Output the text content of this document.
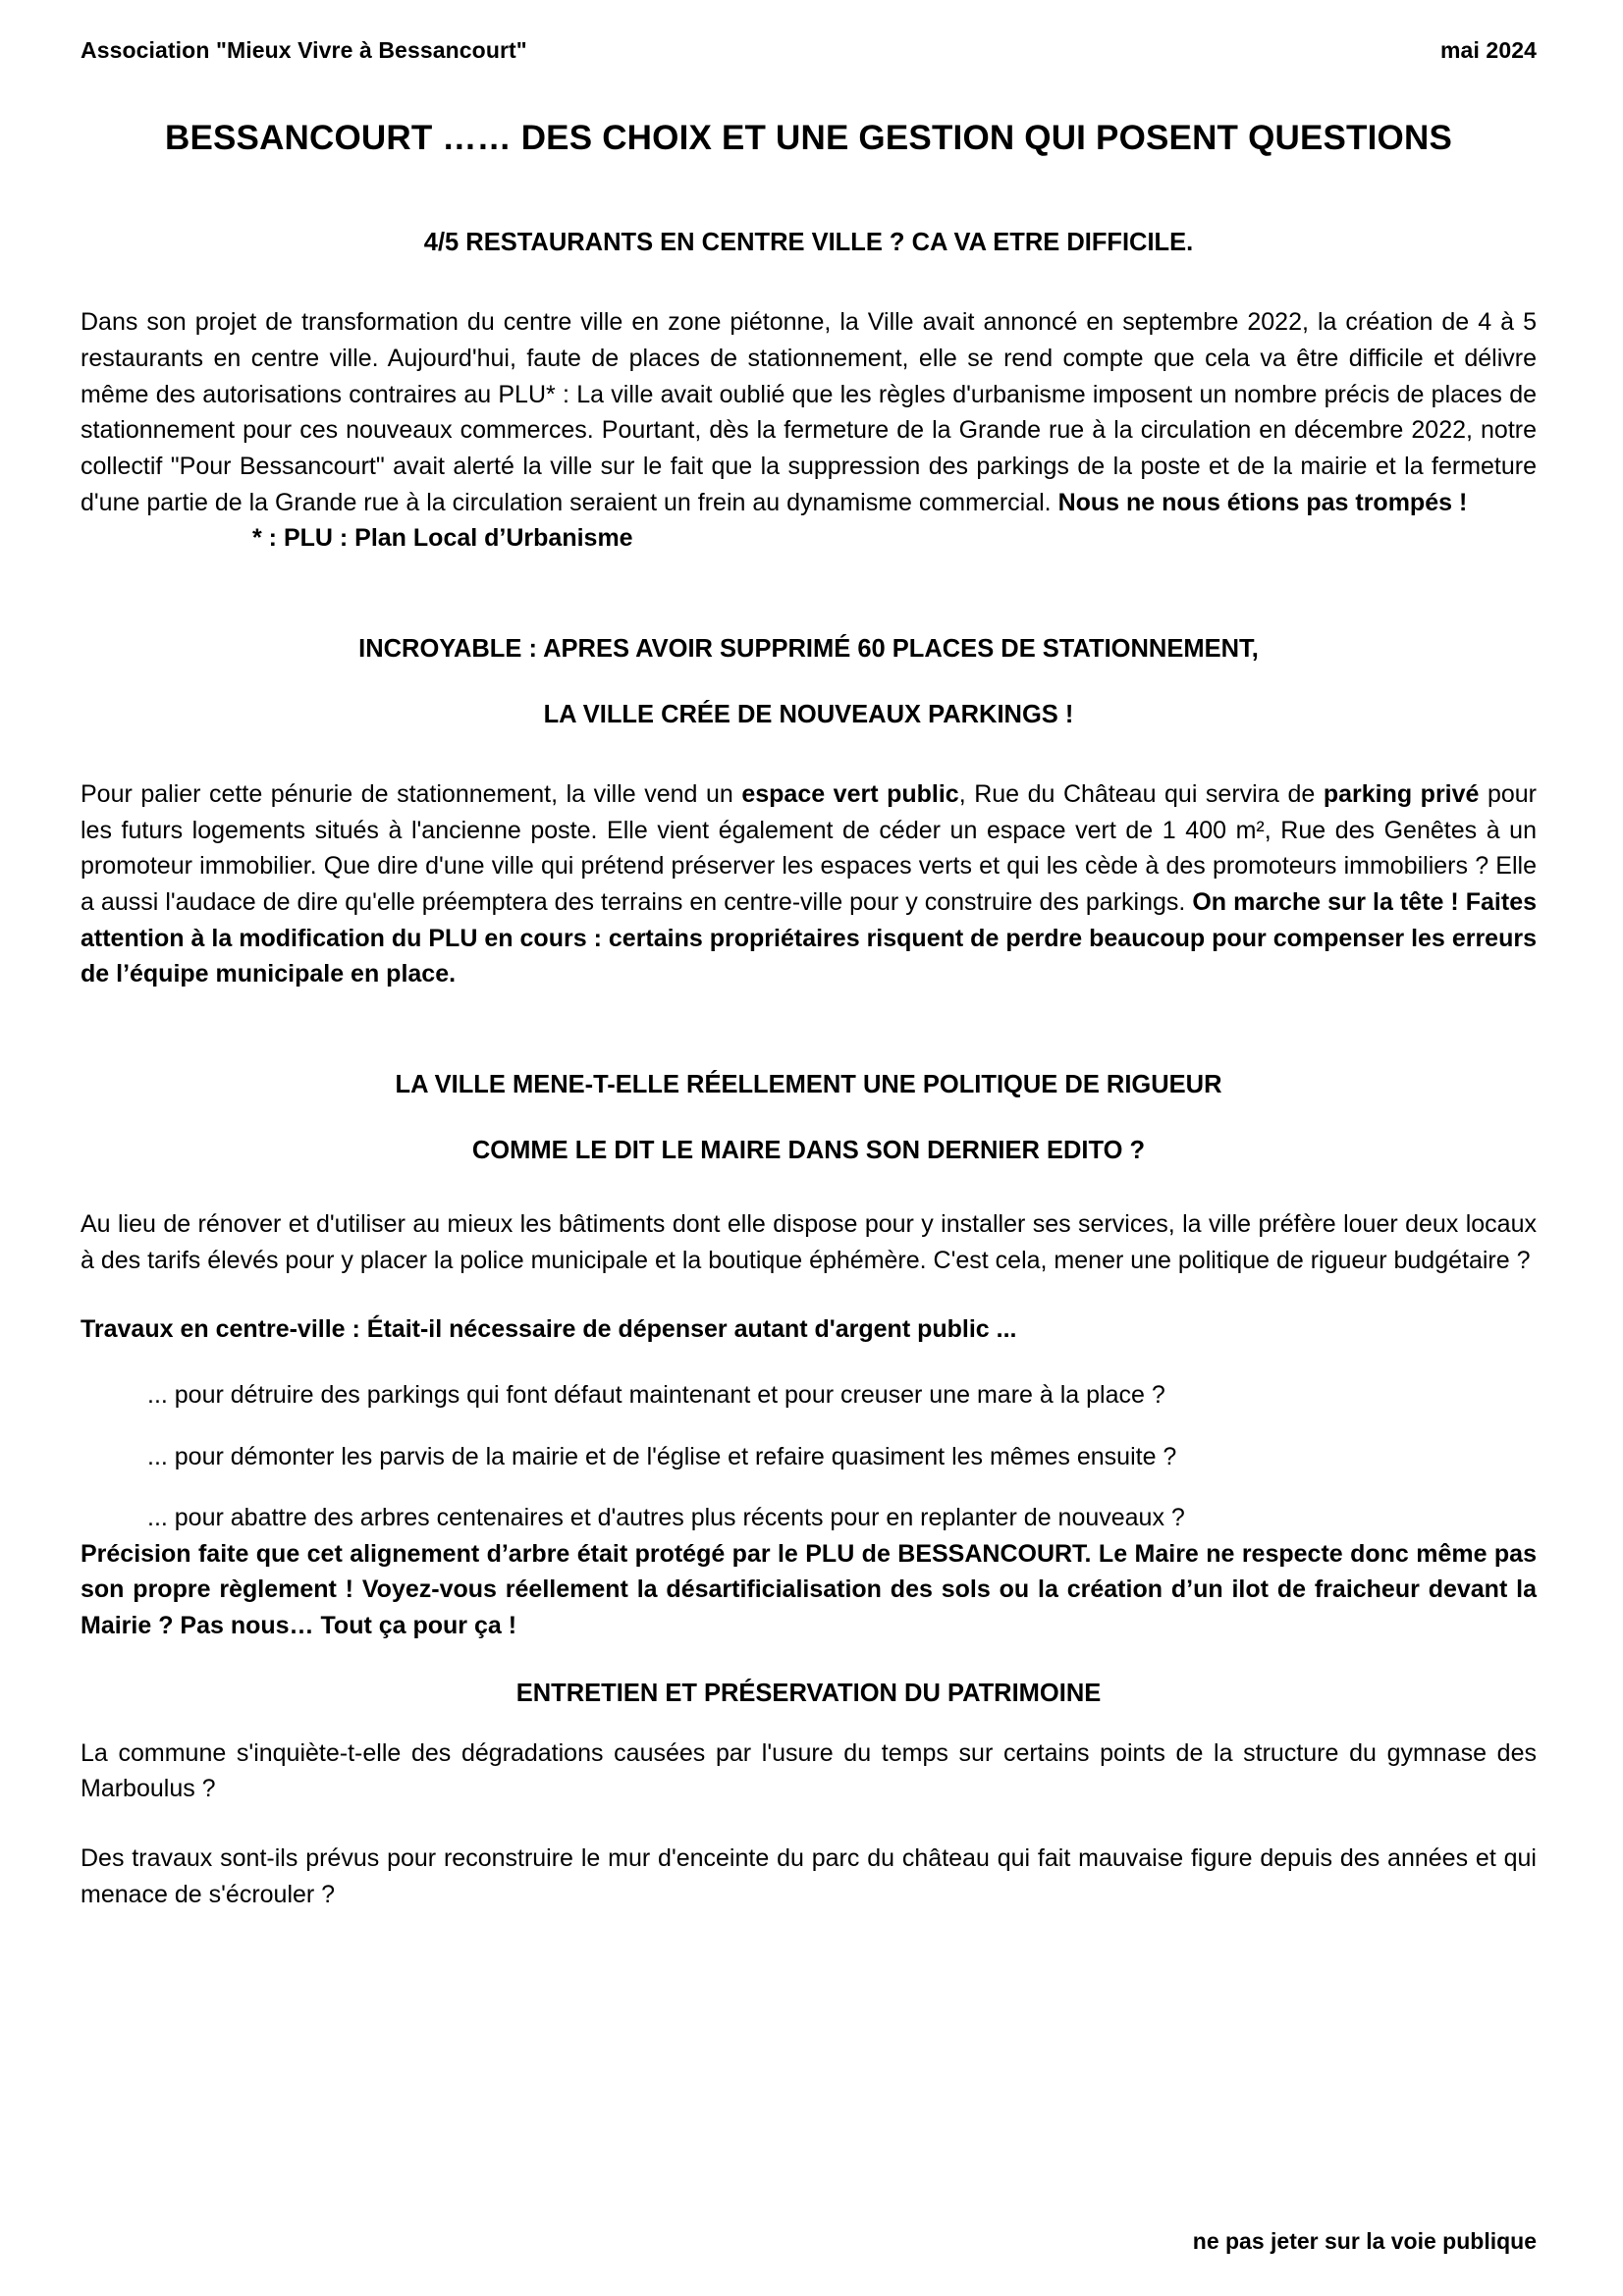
Association "Mieux Vivre à Bessancourt"	mai 2024
BESSANCOURT …… DES CHOIX ET UNE GESTION QUI POSENT QUESTIONS
4/5 RESTAURANTS EN CENTRE VILLE ? CA VA ETRE DIFFICILE.

Dans son projet de transformation du centre ville en zone piétonne, la Ville avait annoncé en septembre 2022, la création de 4 à 5 restaurants en centre ville. Aujourd'hui, faute de places de stationnement, elle se rend compte que cela va être difficile et délivre même des autorisations contraires au PLU* : La ville avait oublié que les règles d'urbanisme imposent un nombre précis de places de stationnement pour ces nouveaux commerces. Pourtant, dès la fermeture de la Grande rue à la circulation en décembre 2022, notre collectif "Pour Bessancourt" avait alerté la ville sur le fait que la suppression des parkings de la poste et de la mairie et la fermeture d'une partie de la Grande rue à la circulation seraient un frein au dynamisme commercial. Nous ne nous étions pas trompés !

* : PLU : Plan Local d’Urbanisme
INCROYABLE : APRES AVOIR SUPPRIMÉ 60 PLACES DE STATIONNEMENT,
LA VILLE CRÉE DE NOUVEAUX PARKINGS !

Pour palier cette pénurie de stationnement, la ville vend un espace vert public, Rue du Château qui servira de parking privé pour les futurs logements situés à l'ancienne poste. Elle vient également de céder un espace vert de 1 400 m², Rue des Genêtes à un promoteur immobilier. Que dire d'une ville qui prétend préserver les espaces verts et qui les cède à des promoteurs immobiliers ? Elle a aussi l'audace de dire qu'elle préemptera des terrains en centre-ville pour y construire des parkings. On marche sur la tête ! Faites attention à la modification du PLU en cours : certains propriétaires risquent de perdre beaucoup pour compenser les erreurs de l’équipe municipale en place.

LA VILLE MENE-T-ELLE RÉELLEMENT UNE POLITIQUE DE RIGUEUR
COMME LE DIT LE MAIRE DANS SON DERNIER EDITO ?

Au lieu de rénover et d'utiliser au mieux les bâtiments dont elle dispose pour y installer ses services, la ville préfère louer deux locaux à des tarifs élevés pour y placer la police municipale et la boutique éphémère. C'est cela, mener une politique de rigueur budgétaire ?

Travaux en centre-ville : Était-il nécessaire de dépenser autant d'argent public ...

... pour détruire des parkings qui font défaut maintenant et pour creuser une mare à la place ?

... pour démonter les parvis de la mairie et de l'église et refaire quasiment les mêmes ensuite ?

... pour abattre des arbres centenaires et d'autres plus récents pour en replanter de nouveaux ?

Précision faite que cet alignement d’arbre était protégé par le PLU de BESSANCOURT. Le Maire ne respecte donc même pas son propre règlement ! Voyez-vous réellement la désartificialisation des sols ou la création d’un ilot de fraicheur devant la Mairie ? Pas nous… Tout ça pour ça !

ENTRETIEN ET PRÉSERVATION DU PATRIMOINE

La commune s'inquiète-t-elle des dégradations causées par l'usure du temps sur certains points de la structure du gymnase des Marboulus ?

Des travaux sont-ils prévus pour reconstruire le mur d'enceinte du parc du château qui fait mauvaise figure depuis des années et qui menace de s'écrouler ?

ne pas jeter sur la voie publique
